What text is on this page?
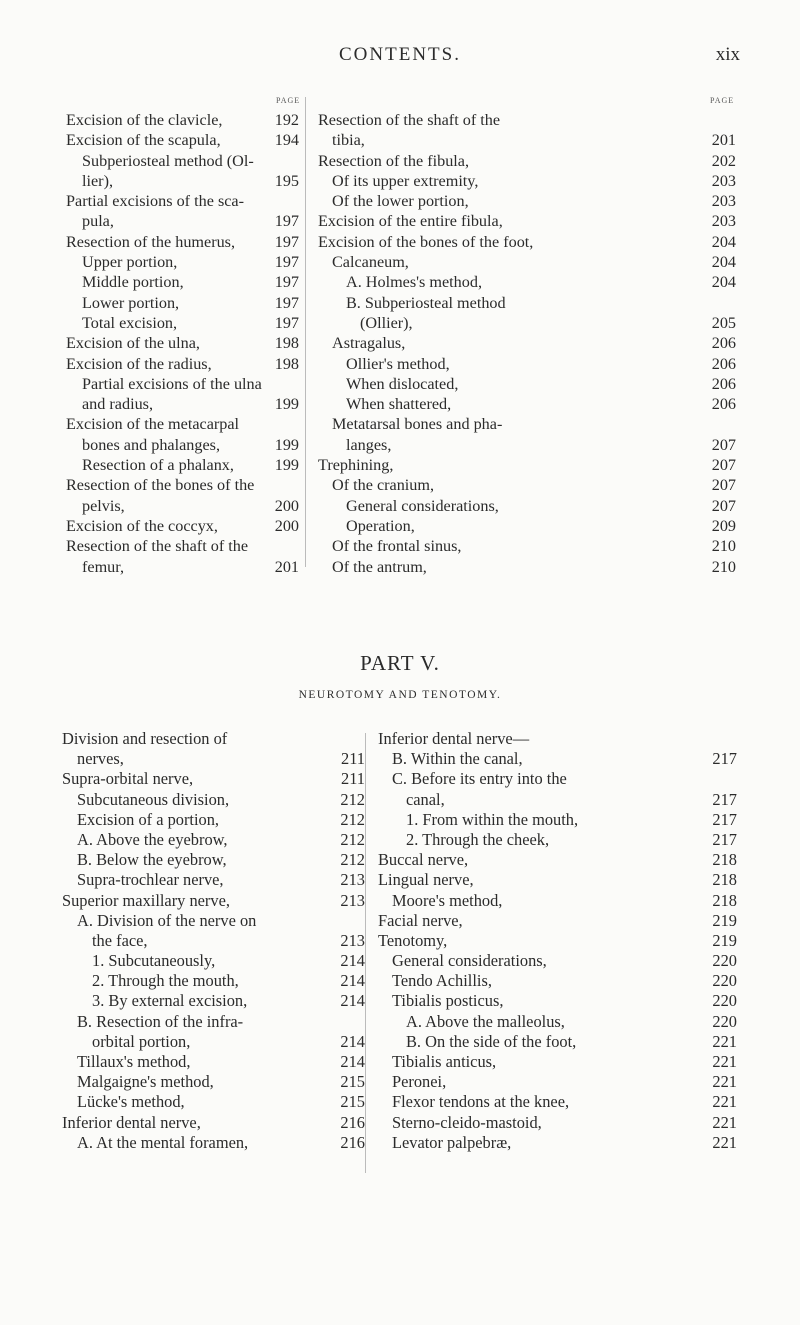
CONTENTS.	xix
PAGE	PAGE
Excision of the clavicle,	192
Excision of the scapula,	194
Subperiosteal method (Ol-
lier),	195
Partial excisions of the sca-
pula,	197
Resection of the humerus, 197
Upper portion,	197
Middle portion,	197
Lower portion,	197
Total excision,	197
Excision of the ulna,	198
Excision of the radius,	198
Partial excisions of the ulna
and radius,	199
Excision of the metacarpal
bones and phalanges,	199
Resection of a phalanx,	199
Resection of the bones of the
pelvis,	200
Excision of the coccyx,	200
Resection of the shaft of the
femur,	201
Resection of the shaft of the
tibia,	201
Resection of the fibula,	202
Of its upper extremity,	203
Of the lower portion,	203
Excision of the entire fibula,	203
Excision of the bones of the foot,	204
Calcaneum,	204
A. Holmes's method,	204
B. Subperiosteal method
(Ollier),	205
Astragalus,	206
Ollier's method,	206
When dislocated,	206
When shattered,	206
Metatarsal bones and pha-
langes,	207
Trephining,	207
Of the cranium,	207
General considerations,	207
Operation,	209
Of the frontal sinus,	210
Of the antrum,	210
PART V.
NEUROTOMY AND TENOTOMY.
Division and resection of
nerves,	211
Supra-orbital nerve,	211
Subcutaneous division,	212
Excision of a portion,	212
A. Above the eyebrow,	212
B. Below the eyebrow,	212
Supra-trochlear nerve,	213
Superior maxillary nerve,	213
A. Division of the nerve on
the face,	213
1. Subcutaneously,	214
2. Through the mouth,	214
3. By external excision,	214
B. Resection of the infra-
orbital portion,	214
Tillaux's method,	214
Malgaigne's method,	215
Lücke's method,	215
Inferior dental nerve,	216
A. At the mental foramen,	216
Inferior dental nerve—
B. Within the canal,	217
C. Before its entry into the
canal,	217
1. From within the mouth,	217
2. Through the cheek,	217
Buccal nerve,	218
Lingual nerve,	218
Moore's method,	218
Facial nerve,	219
Tenotomy,	219
General considerations,	220
Tendo Achillis,	220
Tibialis posticus,	220
A. Above the malleolus,	220
B. On the side of the foot,	221
Tibialis anticus,	221
Peronei,	221
Flexor tendons at the knee,	221
Sterno-cleido-mastoid,	221
Levator palpebræ,	221
